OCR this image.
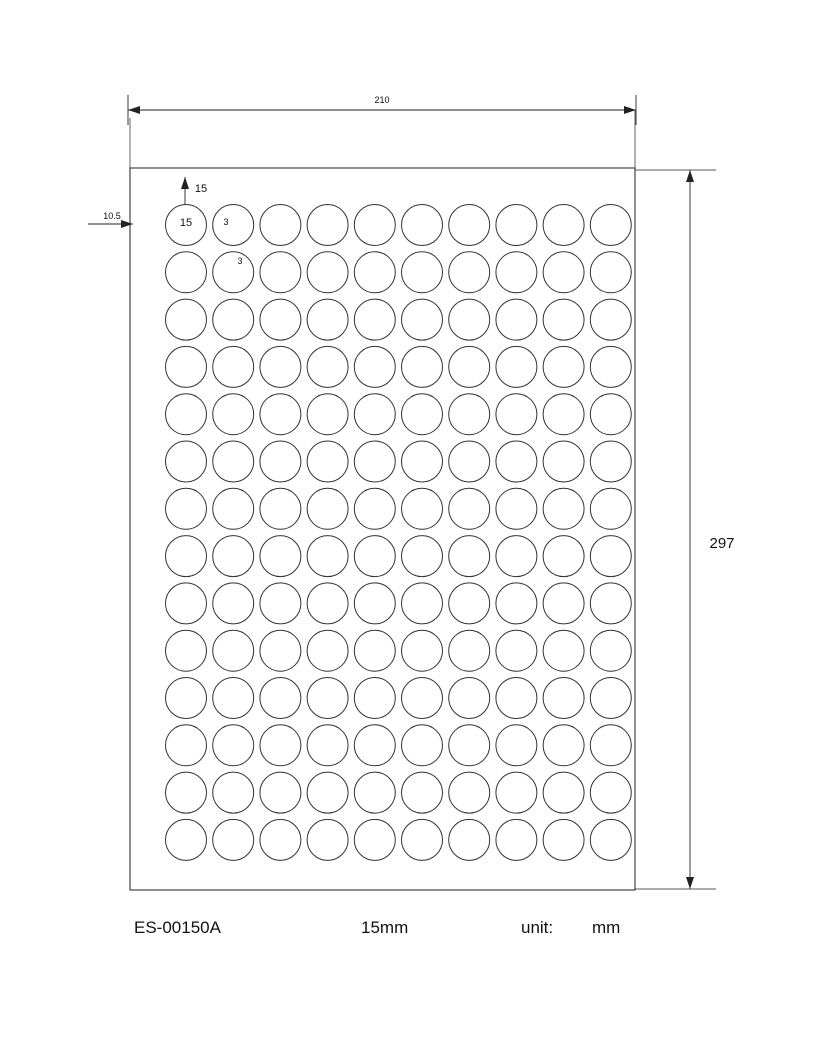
210
297
10.5
15
15	3
3
ES-00150A	15mm	unit: mm
